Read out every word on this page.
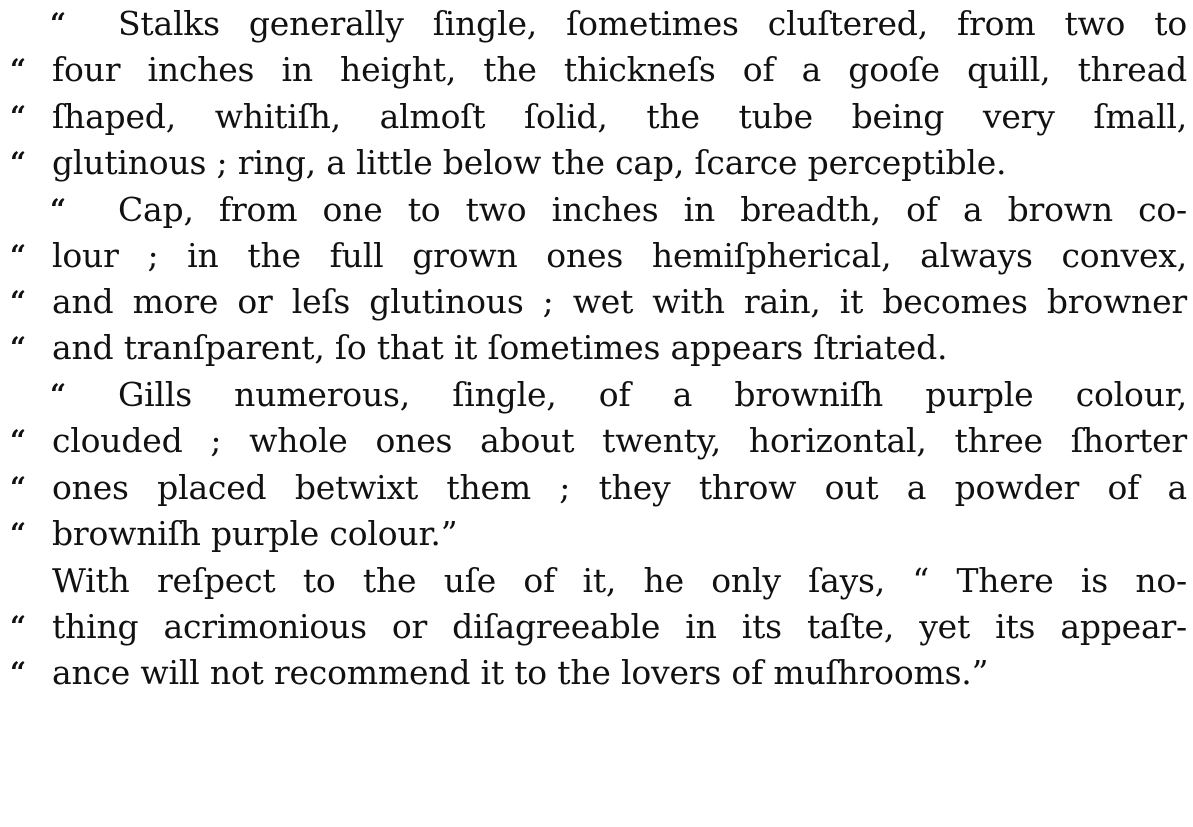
“

	Stalks generally ſingle, ſometimes cluſtered, from two to

“

four inches in height, the thickneſs of a gooſe quill, thread

“

ſhaped, whitiſh, almoſt ſolid, the tube being very ſmall,

“

glutinous ; ring, a little below the cap, ſcarce perceptible.

“

	Cap, from one to two inches in breadth, of a brown co-

“

lour ; in the full grown ones hemiſpherical, always convex,

“

and more or leſs glutinous ; wet with rain, it becomes browner

“

and tranſparent, ſo that it ſometimes appears ſtriated.

“

	Gills numerous, ſingle, of a browniſh purple colour,

“

clouded ; whole ones about twenty, horizontal, three ſhorter

“

ones placed betwixt them ; they throw out a powder of a

“

browniſh purple colour.”

With reſpect to the uſe of it, he only ſays, “ There is no-

“

thing acrimonious or diſagreeable in its taſte, yet its appear-

“

ance will not recommend it to the lovers of muſhrooms.”
